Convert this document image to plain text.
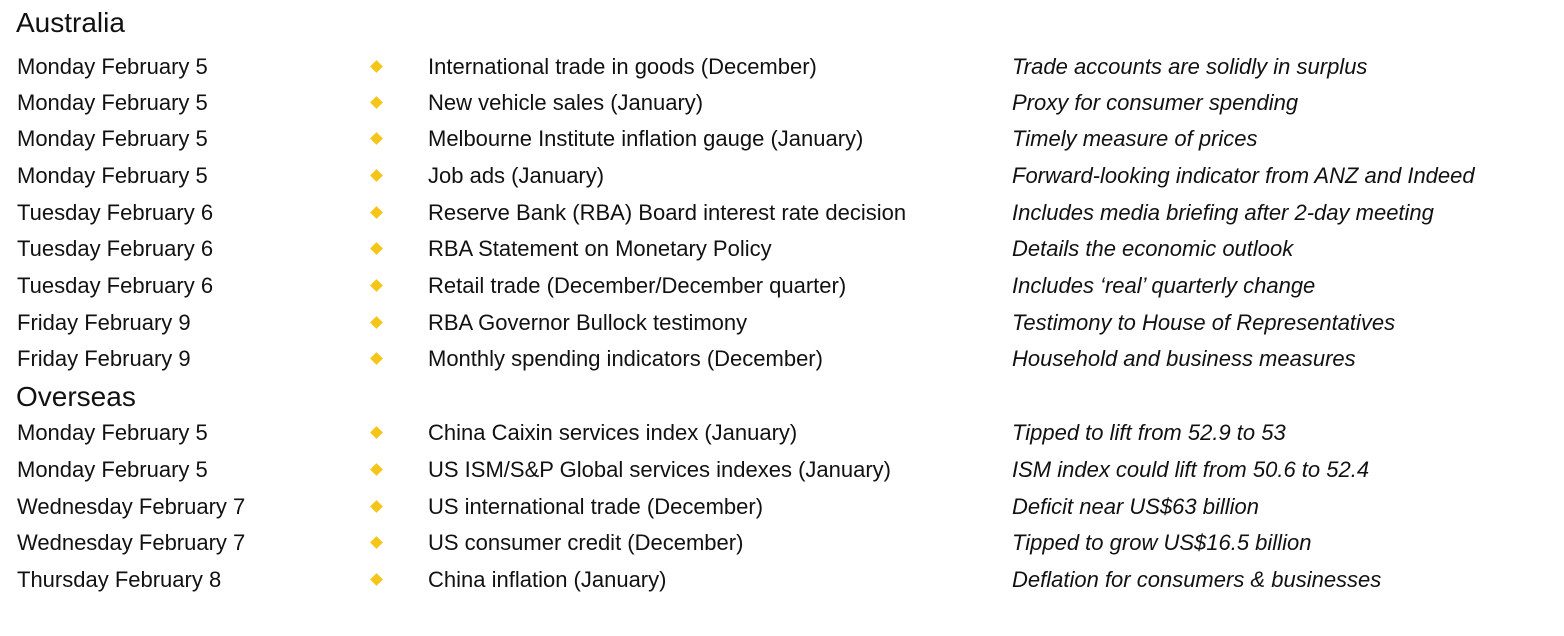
Australia
Monday February 5	International trade in goods (December)	Trade accounts are solidly in surplus
Monday February 5	New vehicle sales (January)	Proxy for consumer spending
Monday February 5	Melbourne Institute inflation gauge (January)	Timely measure of prices
Monday February 5	Job ads (January)	Forward-looking indicator from ANZ and Indeed
Tuesday February 6	Reserve Bank (RBA) Board interest rate decision	Includes media briefing after 2-day meeting
Tuesday February 6	RBA Statement on Monetary Policy	Details the economic outlook
Tuesday February 6	Retail trade (December/December quarter)	Includes ‘real’ quarterly change
Friday February 9	RBA Governor Bullock testimony	Testimony to House of Representatives
Friday February 9	Monthly spending indicators (December)	Household and business measures
Overseas
Monday February 5	China Caixin services index (January)	Tipped to lift from 52.9 to 53
Monday February 5	US ISM/S&P Global services indexes (January)	ISM index could lift from 50.6 to 52.4
Wednesday February 7	US international trade (December)	Deficit near US$63 billion
Wednesday February 7	US consumer credit (December)	Tipped to grow US$16.5 billion
Thursday February 8	China inflation (January)	Deflation for consumers & businesses
